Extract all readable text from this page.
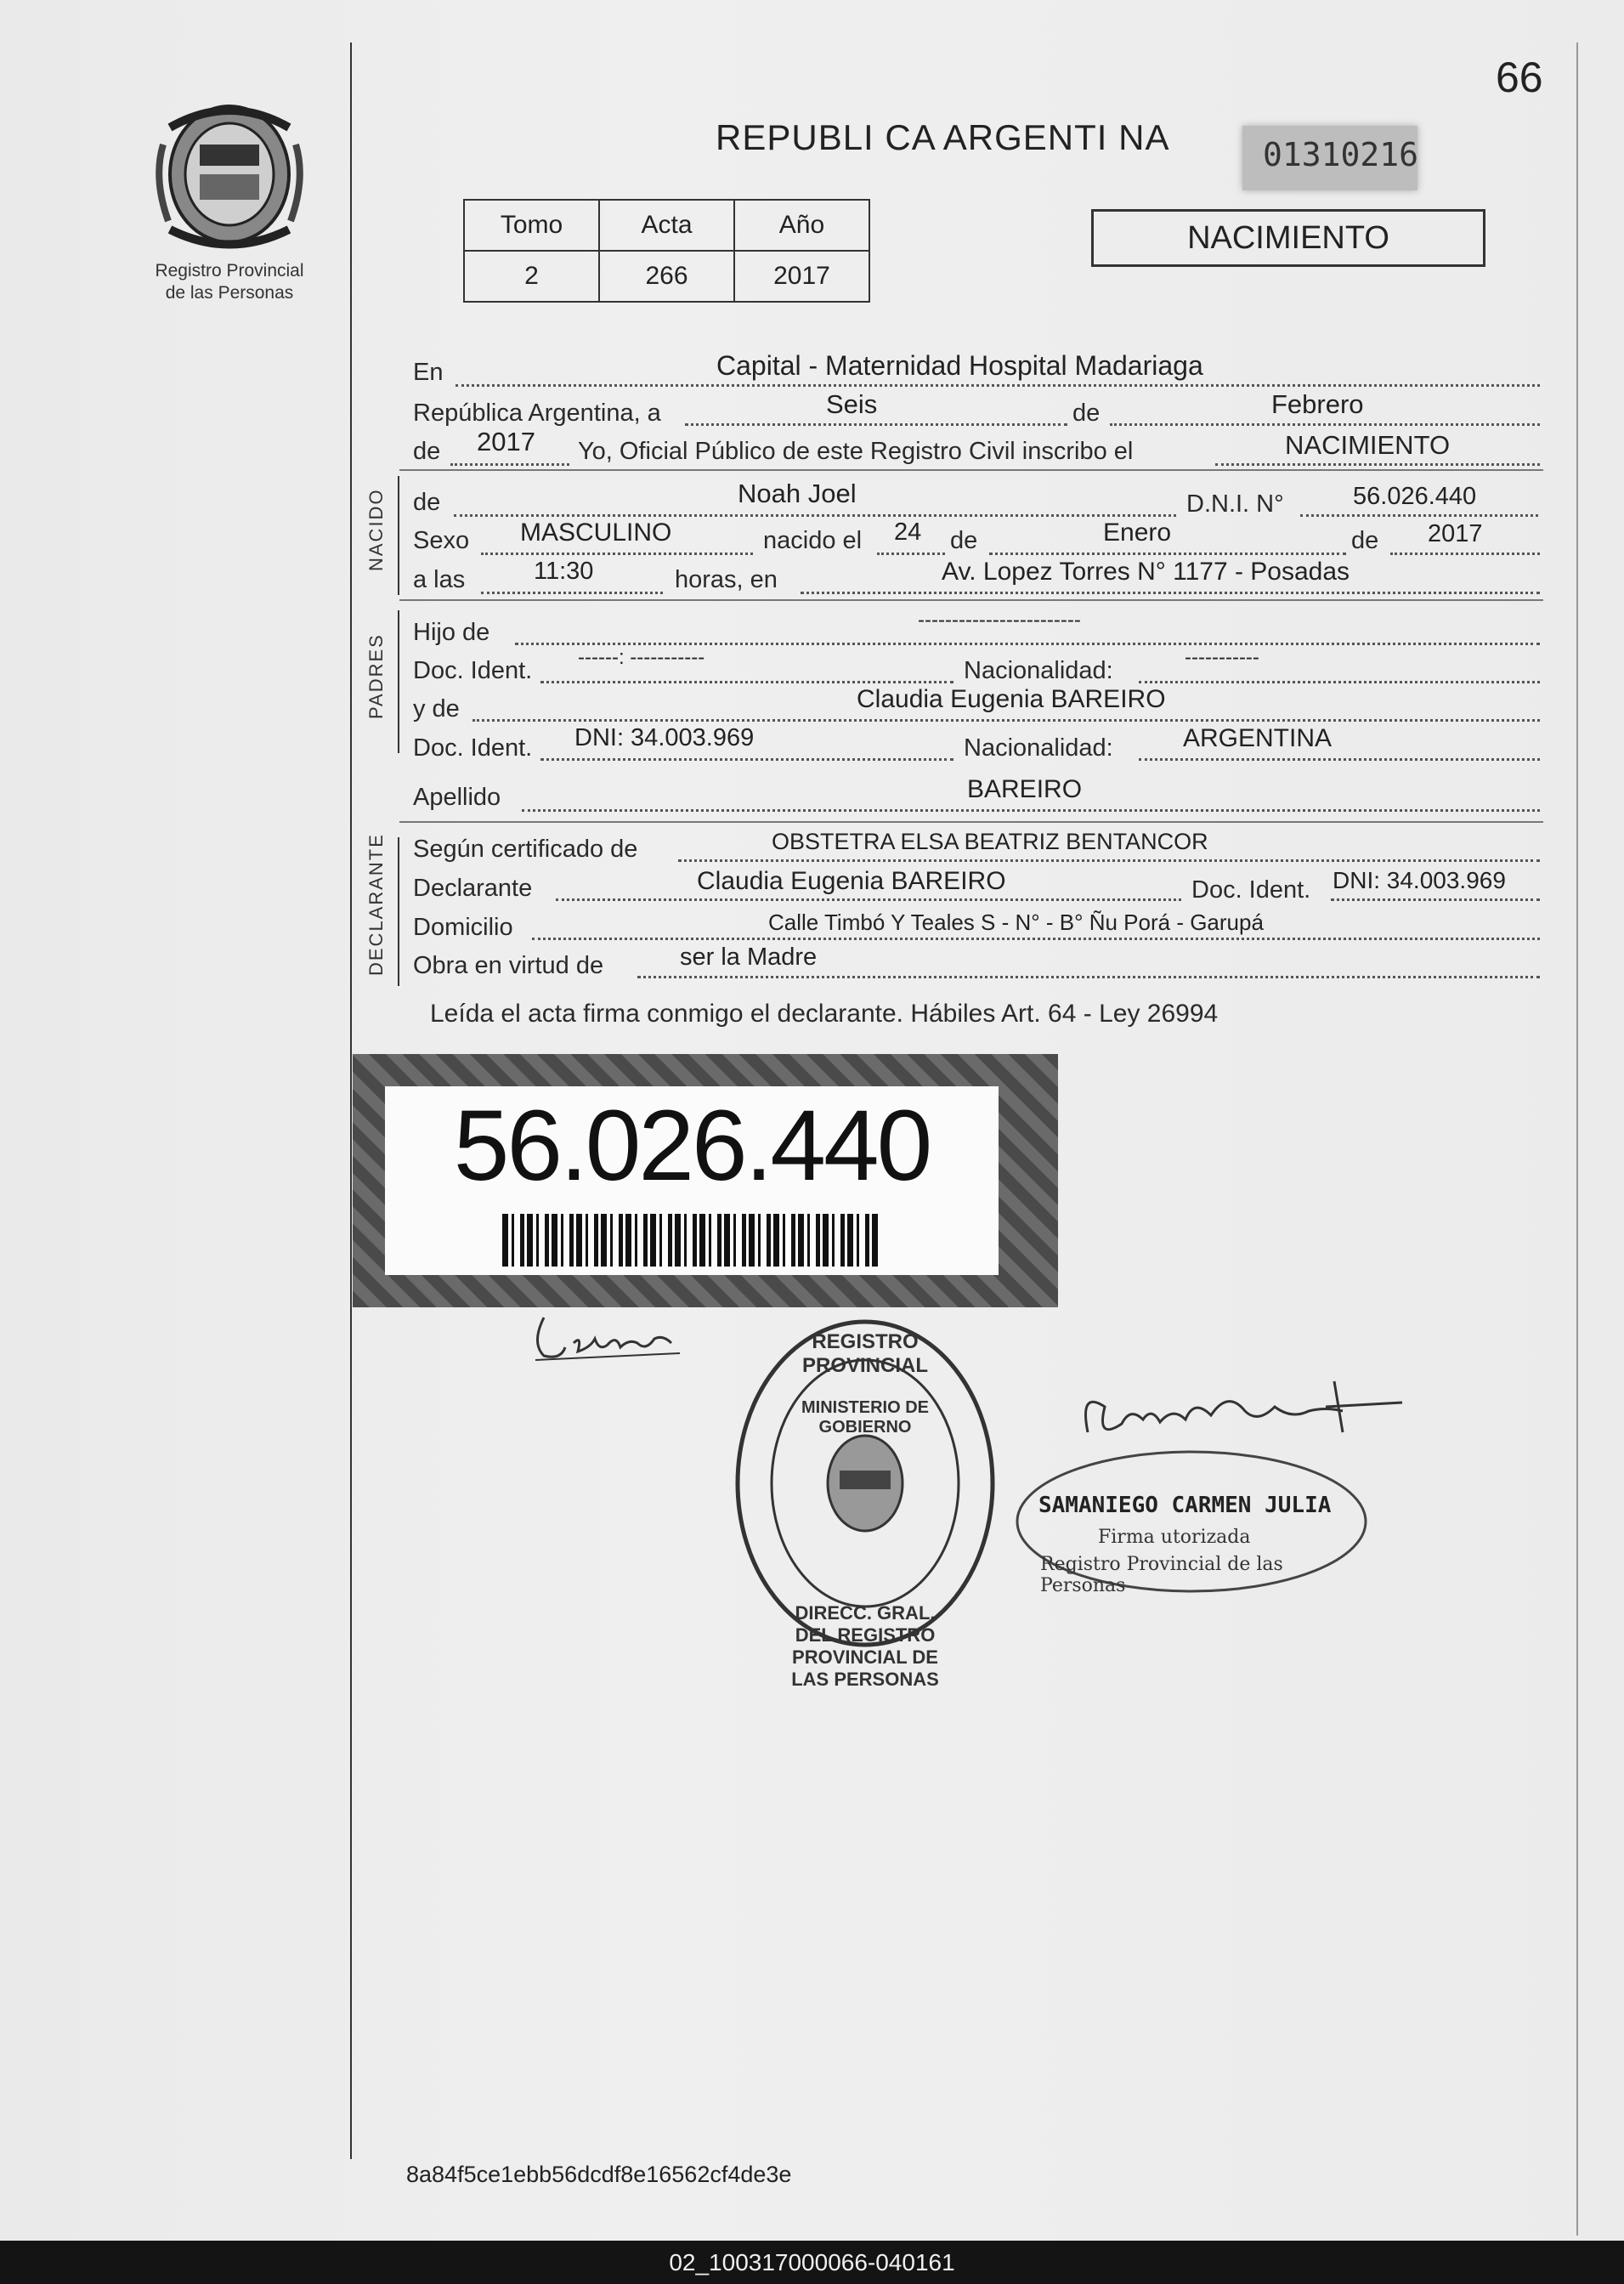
Registro Provincial
de las Personas
66
REPUBLI CA ARGENTI NA	01310216
Tomo	Acta	Año
2	266	2017
NACIMIENTO
En	Capital - Maternidad Hospital Madariaga
República Argentina, a	Seis	de	Febrero
de 2017 Yo, Oficial Público de este Registro Civil inscribo el	NACIMIENTO
NACIDO de	Noah Joel	D.N.I. N°	56.026.440
Sexo MASCULINO	nacido el 24 de	Enero	de 2017
a las	11:30	horas, en	Av. Lopez Torres N° 1177 - Posadas
PADRES
Hijo de	------------------------
Doc. Ident. ------: -----------	Nacionalidad:	-----------
y de	Claudia Eugenia BAREIRO
Doc. Ident. DNI: 34.003.969	Nacionalidad:	ARGENTINA
Apellido	BAREIRO
DECLARANTE Según certificado de	OBSTETRA ELSA BEATRIZ BENTANCOR
Declarante	Claudia Eugenia BAREIRO	Doc. Ident. DNI: 34.003.969
Domicilio	Calle Timbó Y Teales S - N° - B° Ñu Porá - Garupá
Obra en virtud de	ser la Madre
Leída el acta firma conmigo el declarante. Hábiles Art. 64 - Ley 26994
56.026.440
REGISTRO PROVINCIAL
MINISTERIO DE GOBIERNO
DIRECC. GRAL. DEL REGISTRO PROVINCIAL DE LAS PERSONAS
SAMANIEGO CARMEN JULIA
Firma utorizada
Registro Provincial de las Personas
8a84f5ce1ebb56dcdf8e16562cf4de3e
02_100317000066-040161
